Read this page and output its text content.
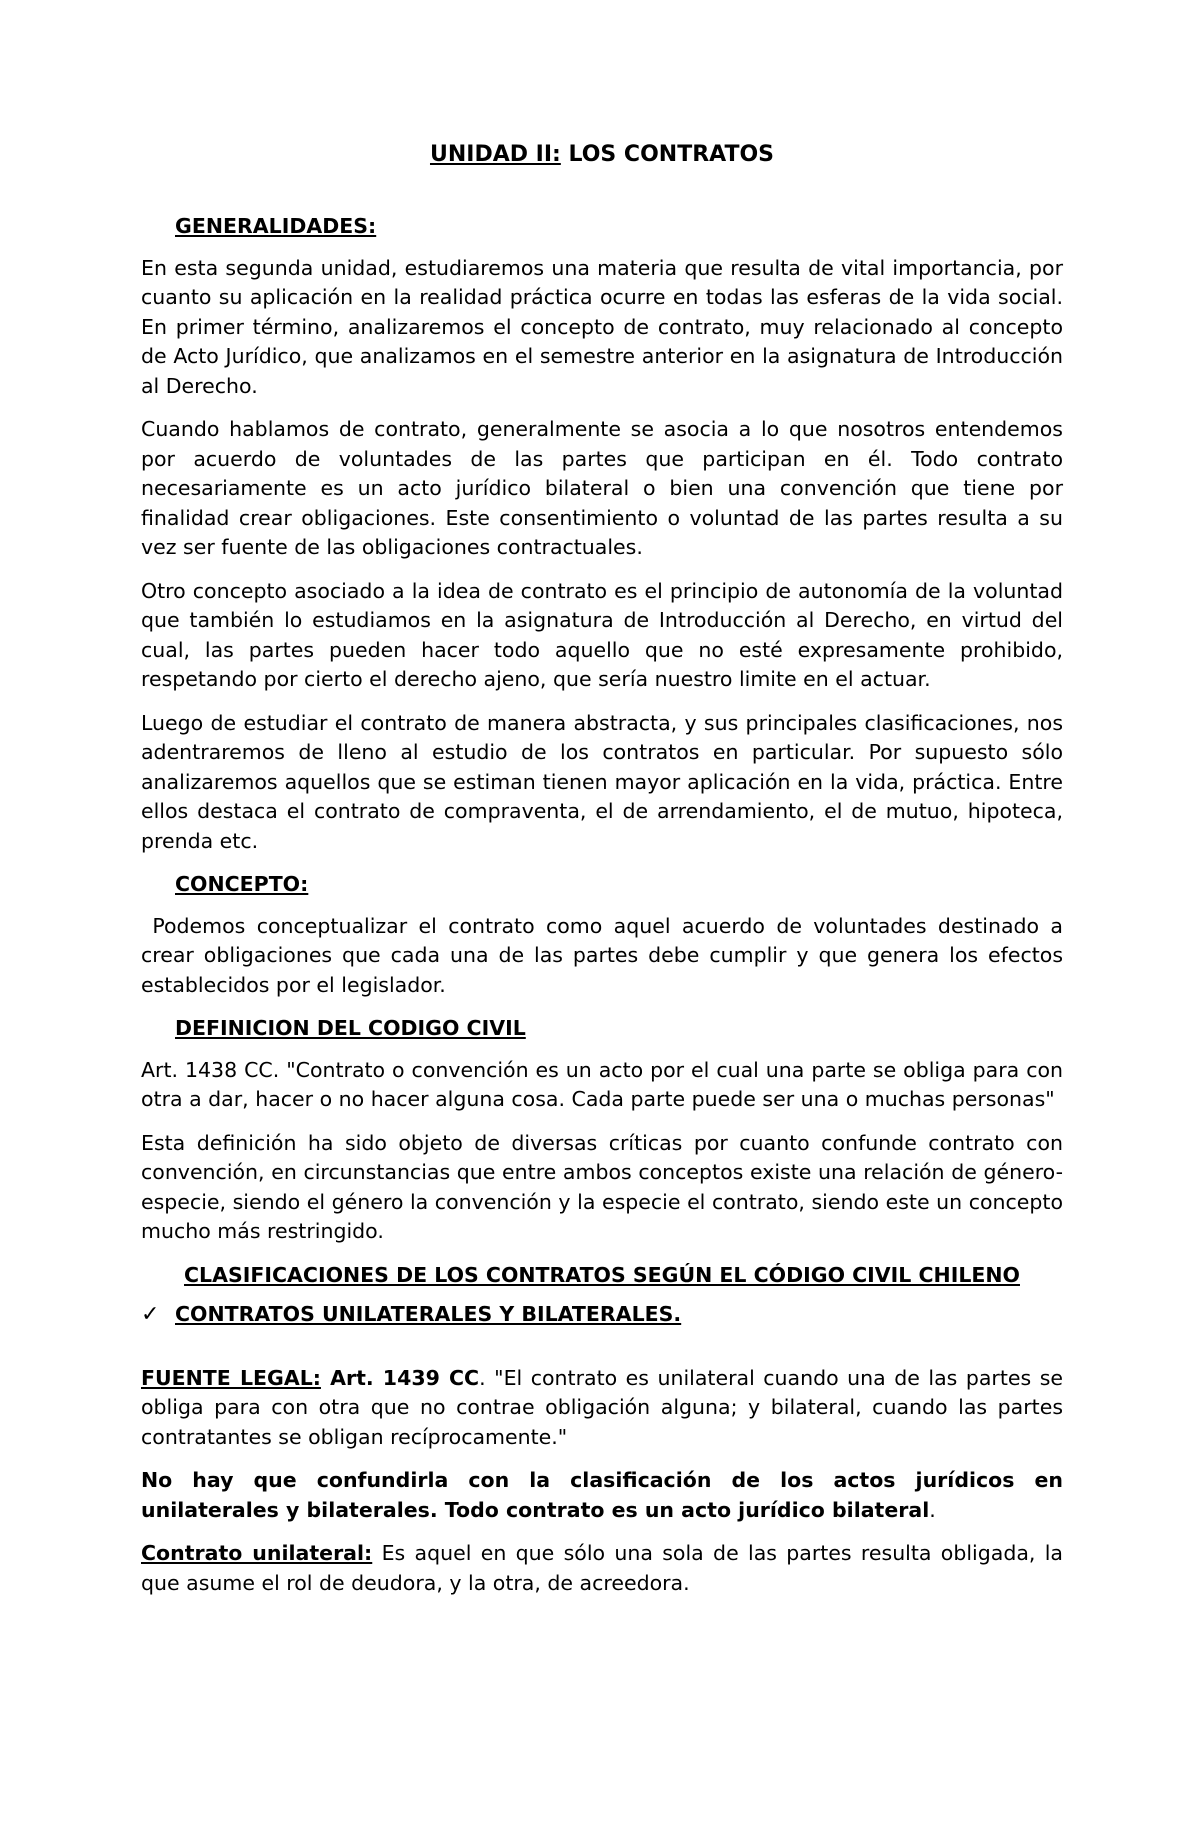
UNIDAD II: LOS CONTRATOS
GENERALIDADES:

En esta segunda unidad, estudiaremos una materia que resulta de vital importancia, por cuanto su aplicación en la realidad práctica ocurre en todas las esferas de la vida social. En primer término, analizaremos el concepto de contrato, muy relacionado al concepto de Acto Jurídico, que analizamos en el semestre anterior en la asignatura de Introducción al Derecho.

Cuando hablamos de contrato, generalmente se asocia a lo que nosotros entendemos por acuerdo de voluntades de las partes que participan en él. Todo contrato necesariamente es un acto jurídico bilateral o bien una convención que tiene por finalidad crear obligaciones. Este consentimiento o voluntad de las partes resulta a su vez ser fuente de las obligaciones contractuales.

Otro concepto asociado a la idea de contrato es el principio de autonomía de la voluntad que también lo estudiamos en la asignatura de Introducción al Derecho, en virtud del cual, las partes pueden hacer todo aquello que no esté expresamente prohibido, respetando por cierto el derecho ajeno, que sería nuestro limite en el actuar.

Luego de estudiar el contrato de manera abstracta, y sus principales clasificaciones, nos adentraremos de lleno al estudio de los contratos en particular. Por supuesto sólo analizaremos aquellos que se estiman tienen mayor aplicación en la vida, práctica. Entre ellos destaca el contrato de compraventa, el de arrendamiento, el de mutuo, hipoteca, prenda etc.

CONCEPTO:

Podemos conceptualizar el contrato como aquel acuerdo de voluntades destinado a crear obligaciones que cada una de las partes debe cumplir y que genera los efectos establecidos por el legislador.

DEFINICION DEL CODIGO CIVIL

Art. 1438 CC. "Contrato o convención es un acto por el cual una parte se obliga para con otra a dar, hacer o no hacer alguna cosa. Cada parte puede ser una o muchas personas"

Esta definición ha sido objeto de diversas críticas por cuanto confunde contrato con convención, en circunstancias que entre ambos conceptos existe una relación de género-especie, siendo el género la convención y la especie el contrato, siendo este un concepto mucho más restringido.

CLASIFICACIONES DE LOS CONTRATOS SEGÚN EL CÓDIGO CIVIL CHILENO
✓ CONTRATOS UNILATERALES Y BILATERALES.

FUENTE LEGAL: Art. 1439 CC. "El contrato es unilateral cuando una de las partes se obliga para con otra que no contrae obligación alguna; y bilateral, cuando las partes contratantes se obligan recíprocamente."

No hay que confundirla con la clasificación de los actos jurídicos en unilaterales y bilaterales. Todo contrato es un acto jurídico bilateral.

Contrato unilateral: Es aquel en que sólo una sola de las partes resulta obligada, la que asume el rol de deudora, y la otra, de acreedora.
